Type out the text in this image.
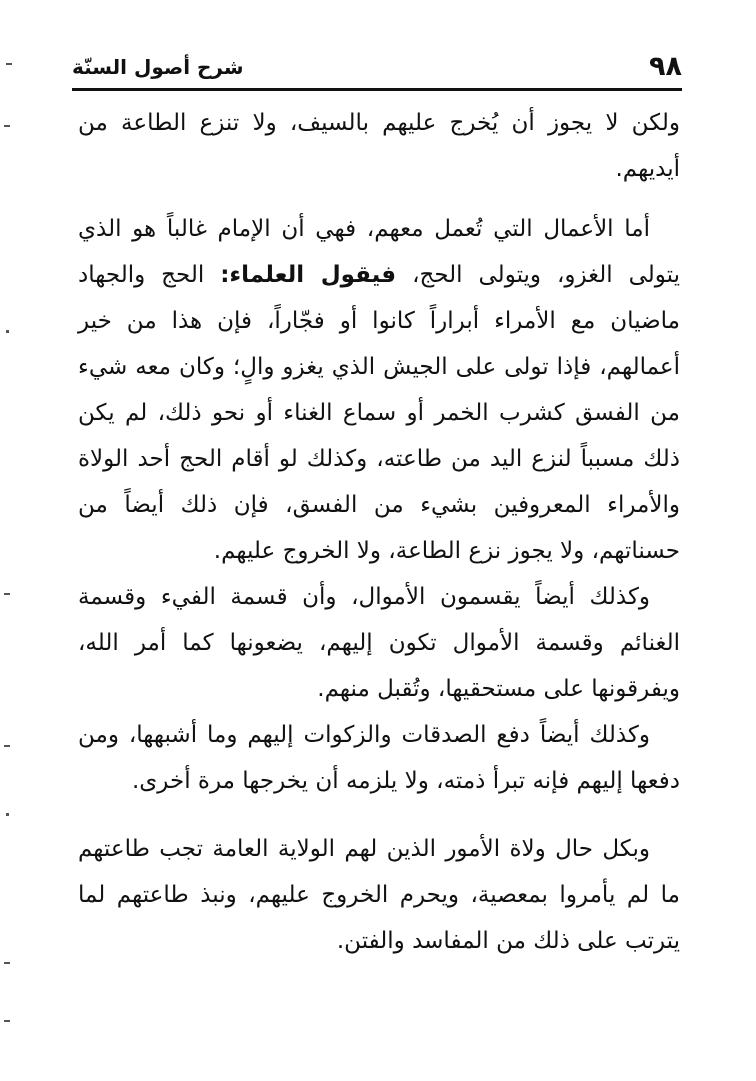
٩٨
شرح أصول السنّة

ولكن لا يجوز أن يُخرج عليهم بالسيف، ولا تنزع الطاعة من أيديهم.

أما الأعمال التي تُعمل معهم، فهي أن الإمام غالباً هو الذي يتولى الغزو، ويتولى الحج، فيقول العلماء: الحج والجهاد ماضيان مع الأمراء أبراراً كانوا أو فجّاراً، فإن هذا من خير أعمالهم، فإذا تولى على الجيش الذي يغزو والٍ؛ وكان معه شيء من الفسق كشرب الخمر أو سماع الغناء أو نحو ذلك، لم يكن ذلك مسبباً لنزع اليد من طاعته، وكذلك لو أقام الحج أحد الولاة والأمراء المعروفين بشيء من الفسق، فإن ذلك أيضاً من حسناتهم، ولا يجوز نزع الطاعة، ولا الخروج عليهم.

وكذلك أيضاً يقسمون الأموال، وأن قسمة الفيء وقسمة الغنائم وقسمة الأموال تكون إليهم، يضعونها كما أمر الله، ويفرقونها على مستحقيها، وتُقبل منهم.

وكذلك أيضاً دفع الصدقات والزكوات إليهم وما أشبهها، ومن دفعها إليهم فإنه تبرأ ذمته، ولا يلزمه أن يخرجها مرة أخرى.

وبكل حال ولاة الأمور الذين لهم الولاية العامة تجب طاعتهم ما لم يأمروا بمعصية، ويحرم الخروج عليهم، ونبذ طاعتهم لما يترتب على ذلك من المفاسد والفتن.
